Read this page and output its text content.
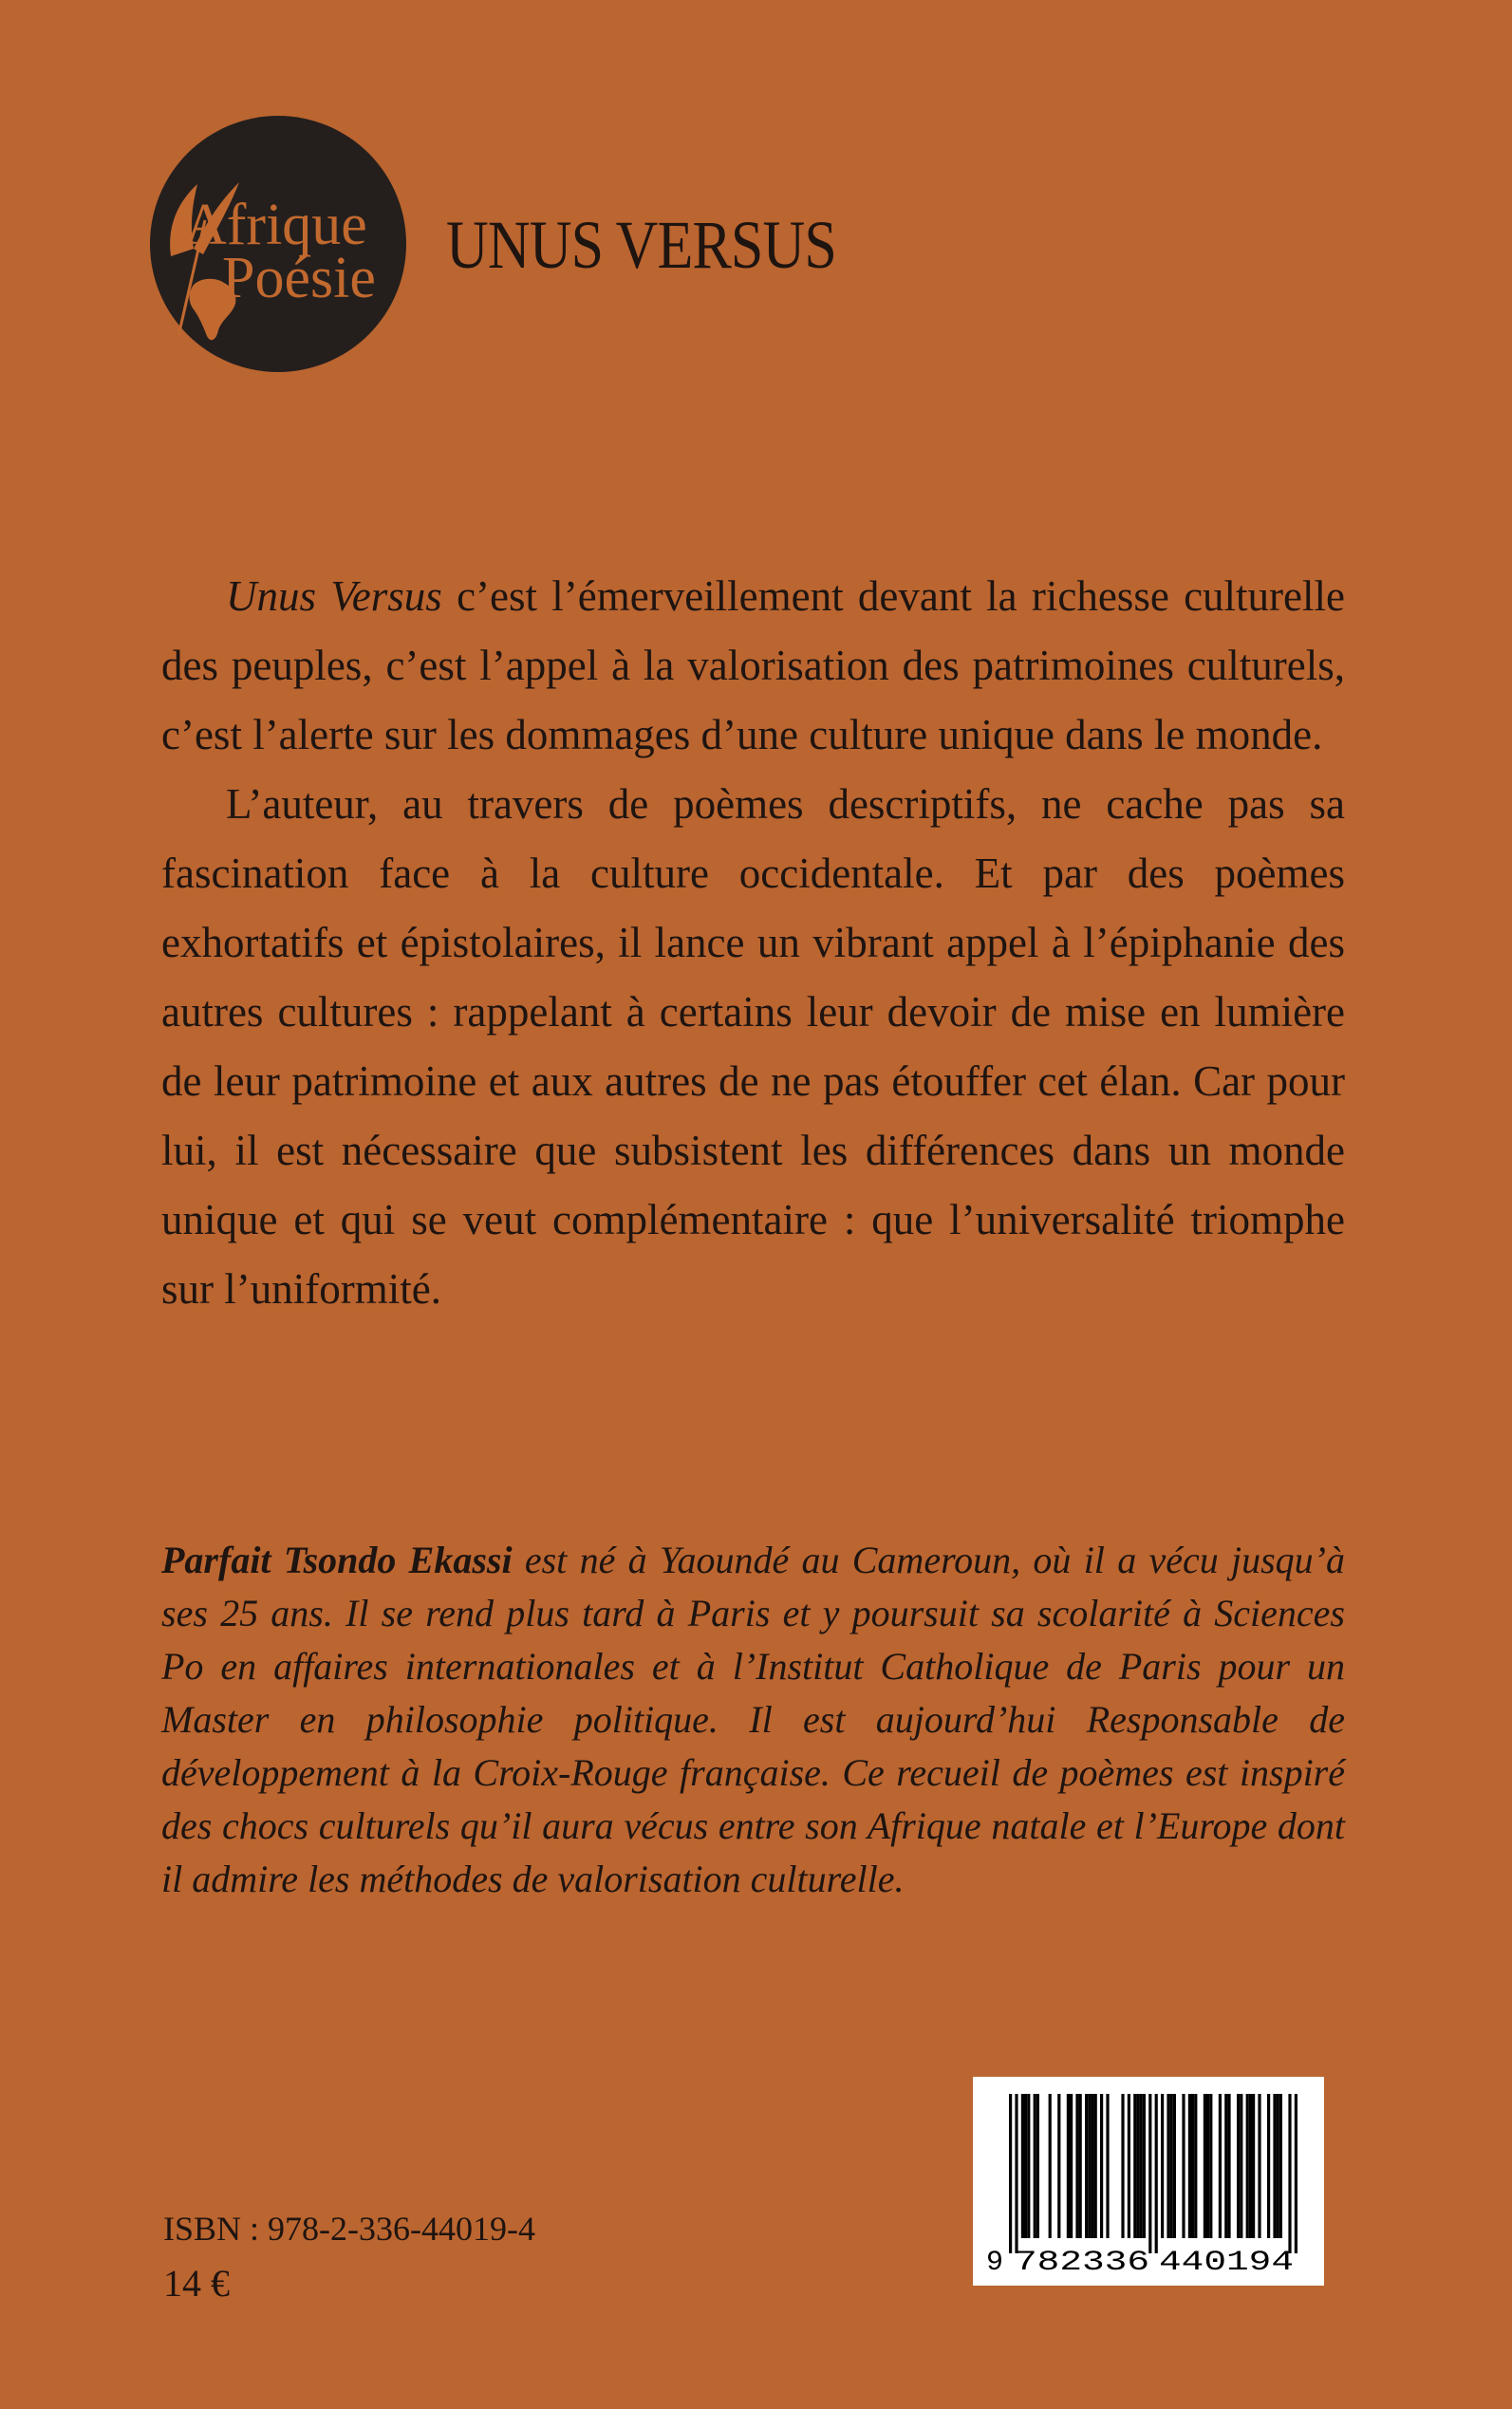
Afrique
Poésie UNUS VERSUS

Unus Versus c’est l’émerveillement devant la richesse culturelle des peuples, c’est l’appel à la valorisation des patrimoines culturels, c’est l’alerte sur les dommages d’une culture unique dans le monde.

L’auteur, au travers de poèmes descriptifs, ne cache pas sa fascination face à la culture occidentale. Et par des poèmes exhortatifs et épistolaires, il lance un vibrant appel à l’épiphanie des autres cultures : rappelant à certains leur devoir de mise en lumière de leur patrimoine et aux autres de ne pas étouffer cet élan. Car pour lui, il est nécessaire que subsistent les différences dans un monde unique et qui se veut complémentaire : que l’universalité triomphe sur l’uniformité.

Parfait Tsondo Ekassi est né à Yaoundé au Cameroun, où il a vécu jusqu’à ses 25 ans. Il se rend plus tard à Paris et y poursuit sa scolarité à Sciences Po en affaires internationales et à l’Institut Catholique de Paris pour un Master en philosophie politique. Il est aujourd’hui Responsable de développement à la Croix-Rouge française. Ce recueil de poèmes est inspiré des chocs culturels qu’il aura vécus entre son Afrique natale et l’Europe dont il admire les méthodes de valorisation culturelle.
ISBN : 978-2-336-44019-4
14 €	9 782336 440194
